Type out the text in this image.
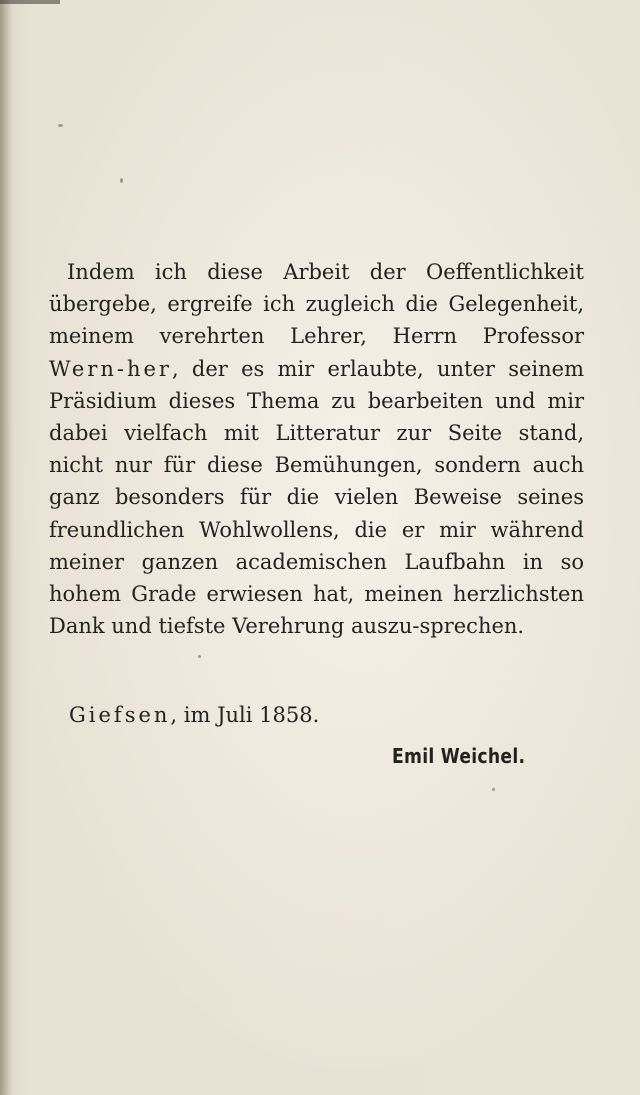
Indem ich diese Arbeit der Oeffentlichkeit übergebe, ergreife ich zugleich die Gelegenheit, meinem verehrten Lehrer, Herrn Professor Wern-her, der es mir erlaubte, unter seinem Präsidium dieses Thema zu bearbeiten und mir dabei vielfach mit Litteratur zur Seite stand, nicht nur für diese Bemühungen, sondern auch ganz besonders für die vielen Beweise seines freundlichen Wohlwollens, die er mir während meiner ganzen academischen Laufbahn in so hohem Grade erwiesen hat, meinen herzlichsten Dank und tiefste Verehrung auszu-sprechen.

Giefsen, im Juli 1858.
Emil Weichel.
